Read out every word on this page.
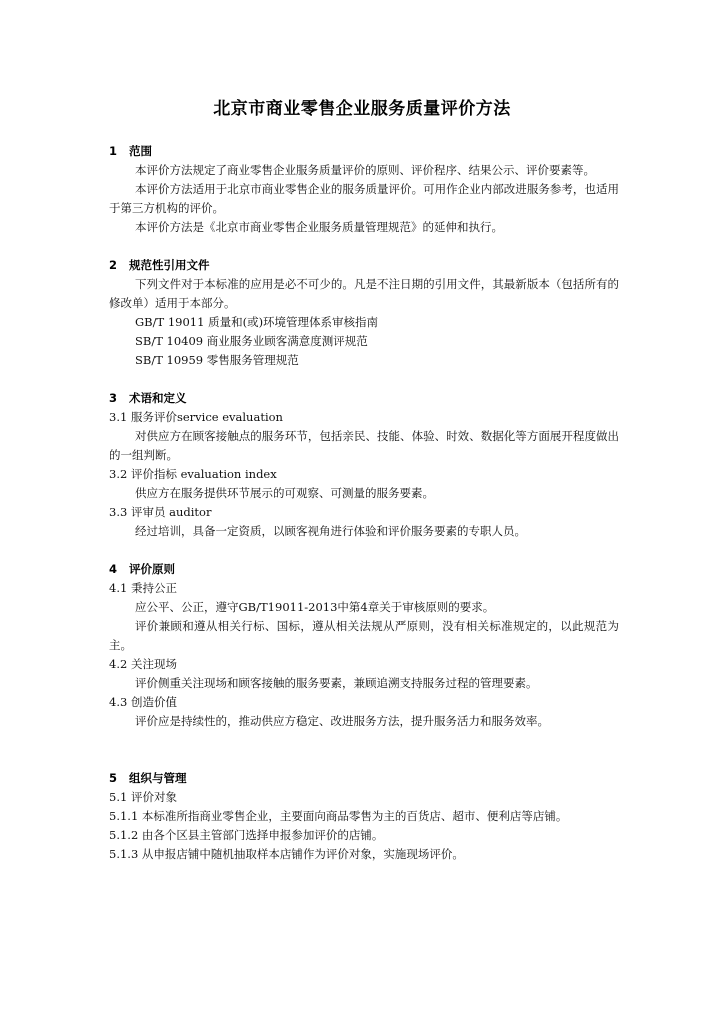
北京市商业零售企业服务质量评价方法
1 范围
本评价方法规定了商业零售企业服务质量评价的原则、评价程序、结果公示、评价要素等。
本评价方法适用于北京市商业零售企业的服务质量评价。可用作企业内部改进服务参考，也适用于第三方机构的评价。
本评价方法是《北京市商业零售企业服务质量管理规范》的延伸和执行。
2 规范性引用文件
下列文件对于本标准的应用是必不可少的。凡是不注日期的引用文件，其最新版本（包括所有的修改单）适用于本部分。
GB/T 19011 质量和(或)环境管理体系审核指南
SB/T 10409 商业服务业顾客满意度测评规范
SB/T 10959 零售服务管理规范
3 术语和定义
3.1 服务评价service evaluation
对供应方在顾客接触点的服务环节，包括亲民、技能、体验、时效、数据化等方面展开程度做出的一组判断。
3.2 评价指标 evaluation index
供应方在服务提供环节展示的可观察、可测量的服务要素。
3.3 评审员 auditor
经过培训，具备一定资质，以顾客视角进行体验和评价服务要素的专职人员。
4 评价原则
4.1 秉持公正
应公平、公正，遵守GB/T19011-2013中第4章关于审核原则的要求。
评价兼顾和遵从相关行标、国标，遵从相关法规从严原则，没有相关标准规定的，以此规范为主。
4.2 关注现场
评价侧重关注现场和顾客接触的服务要素，兼顾追溯支持服务过程的管理要素。
4.3 创造价值
评价应是持续性的，推动供应方稳定、改进服务方法，提升服务活力和服务效率。
5 组织与管理
5.1 评价对象
5.1.1 本标准所指商业零售企业，主要面向商品零售为主的百货店、超市、便利店等店铺。
5.1.2 由各个区县主管部门选择申报参加评价的店铺。
5.1.3 从申报店铺中随机抽取样本店铺作为评价对象，实施现场评价。
